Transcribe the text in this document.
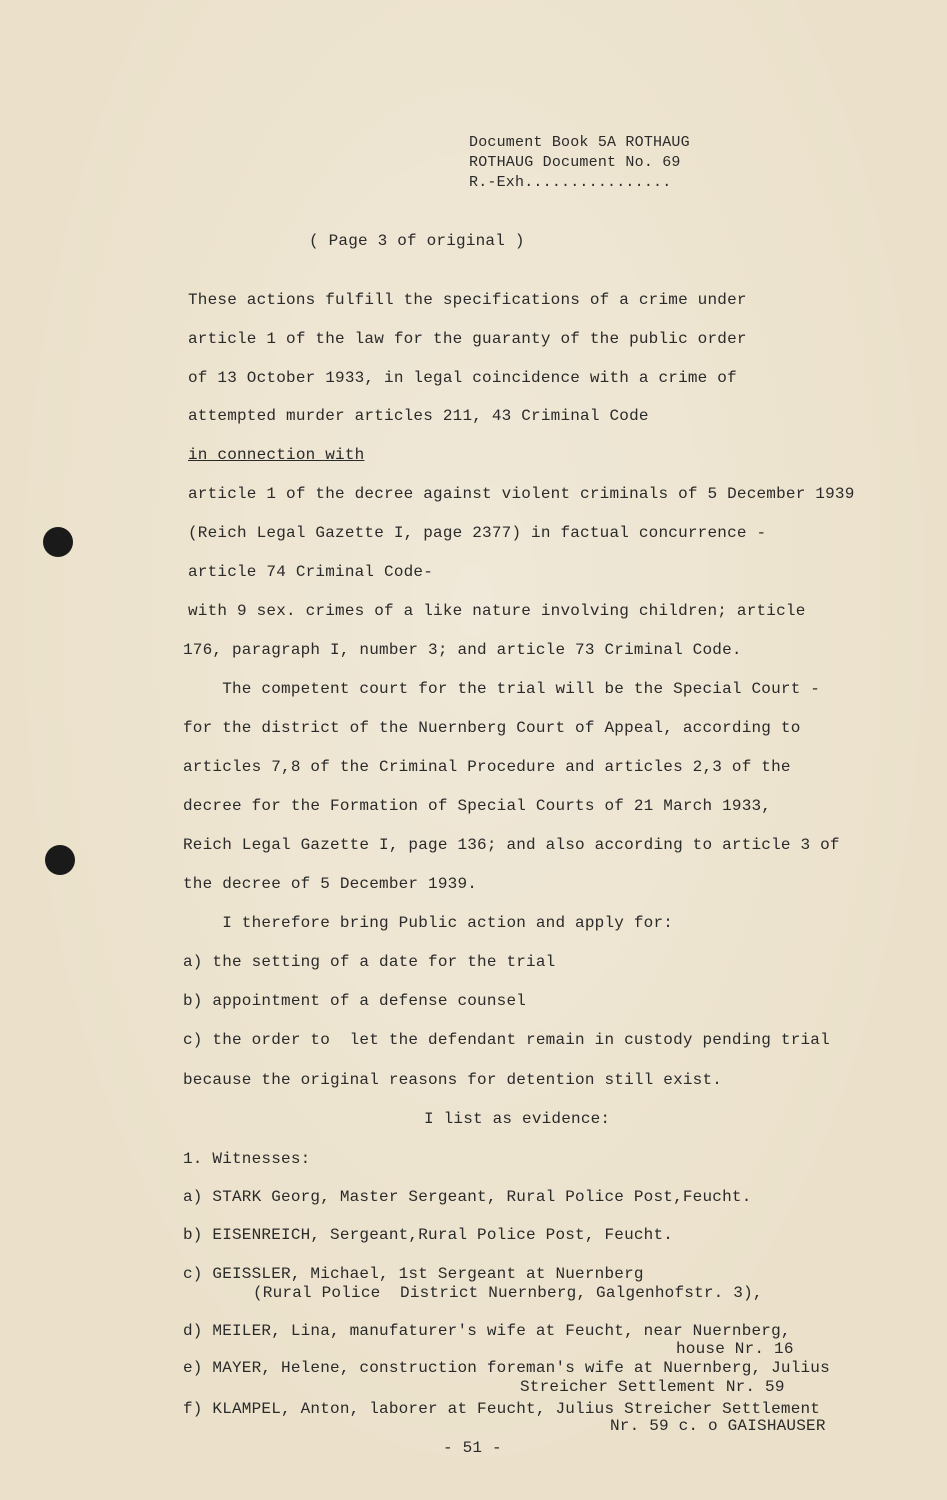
Document Book 5A ROTHAUG
ROTHAUG Document No. 69
R.-Exh................
( Page 3 of original )
These actions fulfill the specifications of a crime under
article 1 of the law for the guaranty of the public order
of 13 October 1933, in legal coincidence with a crime of
attempted murder articles 211, 43 Criminal Code
in connection with
article 1 of the decree against violent criminals of 5 December 1939
(Reich Legal Gazette I, page 2377) in factual concurrence -
article 74 Criminal Code-
with 9 sex. crimes of a like nature involving children; article
176, paragraph I, number 3; and article 73 Criminal Code.
The competent court for the trial will be the Special Court -
for the district of the Nuernberg Court of Appeal, according to
articles 7,8 of the Criminal Procedure and articles 2,3 of the
decree for the Formation of Special Courts of 21 March 1933,
Reich Legal Gazette I, page 136; and also according to article 3 of
the decree of 5 December 1939.
I therefore bring Public action and apply for:
a) the setting of a date for the trial
b) appointment of a defense counsel
c) the order to  let the defendant remain in custody pending trial
because the original reasons for detention still exist.
I list as evidence:
1. Witnesses:
a) STARK Georg, Master Sergeant, Rural Police Post,Feucht.
b) EISENREICH, Sergeant,Rural Police Post, Feucht.
c) GEISSLER, Michael, 1st Sergeant at Nuernberg
(Rural Police  District Nuernberg, Galgenhofstr. 3),
d) MEILER, Lina, manufaturer's wife at Feucht, near Nuernberg,
house Nr. 16
e) MAYER, Helene, construction foreman's wife at Nuernberg, Julius
Streicher Settlement Nr. 59
f) KLAMPEL, Anton, laborer at Feucht, Julius Streicher Settlement
Nr. 59 c. o GAISHAUSER
- 51 -
